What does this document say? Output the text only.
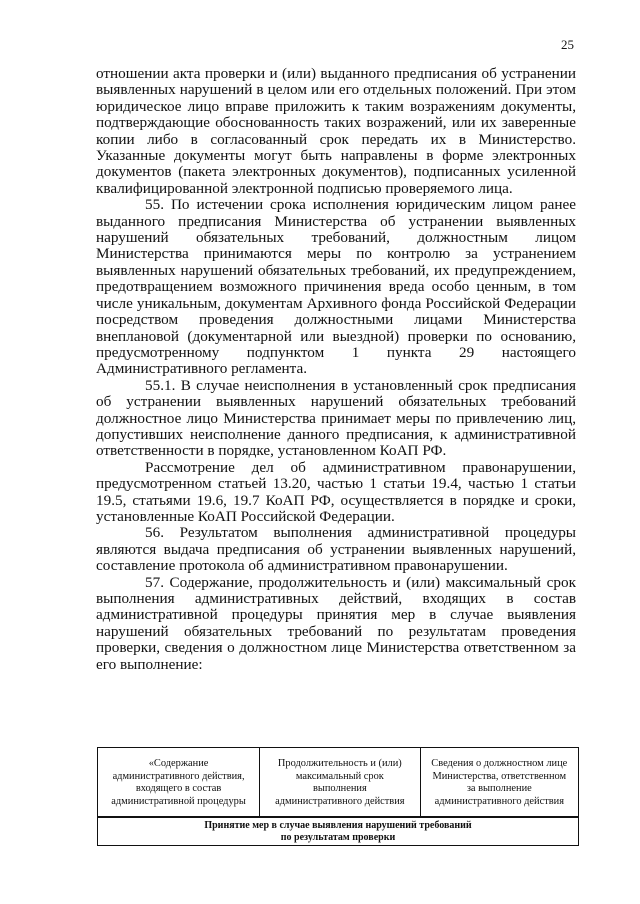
25

отношении акта проверки и (или) выданного предписания об устранении выявленных нарушений в целом или его отдельных положений. При этом юридическое лицо вправе приложить к таким возражениям документы, подтверждающие обоснованность таких возражений, или их заверенные копии либо в согласованный срок передать их в Министерство. Указанные документы могут быть направлены в форме электронных документов (пакета электронных документов), подписанных усиленной квалифицированной электронной подписью проверяемого лица.

55. По истечении срока исполнения юридическим лицом ранее выданного предписания Министерства об устранении выявленных нарушений обязательных требований, должностным лицом Министерства принимаются меры по контролю за устранением выявленных нарушений обязательных требований, их предупреждением, предотвращением возможного причинения вреда особо ценным, в том числе уникальным, документам Архивного фонда Российской Федерации посредством проведения должностными лицами Министерства внеплановой (документарной или выездной) проверки по основанию, предусмотренному подпунктом 1 пункта 29 настоящего Административного регламента.

55.1. В случае неисполнения в установленный срок предписания об устранении выявленных нарушений обязательных требований должностное лицо Министерства принимает меры по привлечению лиц, допустивших неисполнение данного предписания, к административной ответственности в порядке, установленном КоАП РФ.

Рассмотрение дел об административном правонарушении, предусмотренном статьей 13.20, частью 1 статьи 19.4, частью 1 статьи 19.5, статьями 19.6, 19.7 КоАП РФ, осуществляется в порядке и сроки, установленные КоАП Российской Федерации.

56. Результатом выполнения административной процедуры являются выдача предписания об устранении выявленных нарушений, составление протокола об административном правонарушении.

57. Содержание, продолжительность и (или) максимальный срок выполнения административных действий, входящих в состав административной процедуры принятия мер в случае выявления нарушений обязательных требований по результатам проведения проверки, сведения о должностном лице Министерства ответственном за его выполнение:

«Содержание
административного действия,
входящего в состав
административной процедуры

Продолжительность и (или)
максимальный срок
выполнения
административного действия

Сведения о должностном лице
Министерства, ответственном
за выполнение
административного действия

Принятие мер в случае выявления нарушений требований
по результатам проверки
